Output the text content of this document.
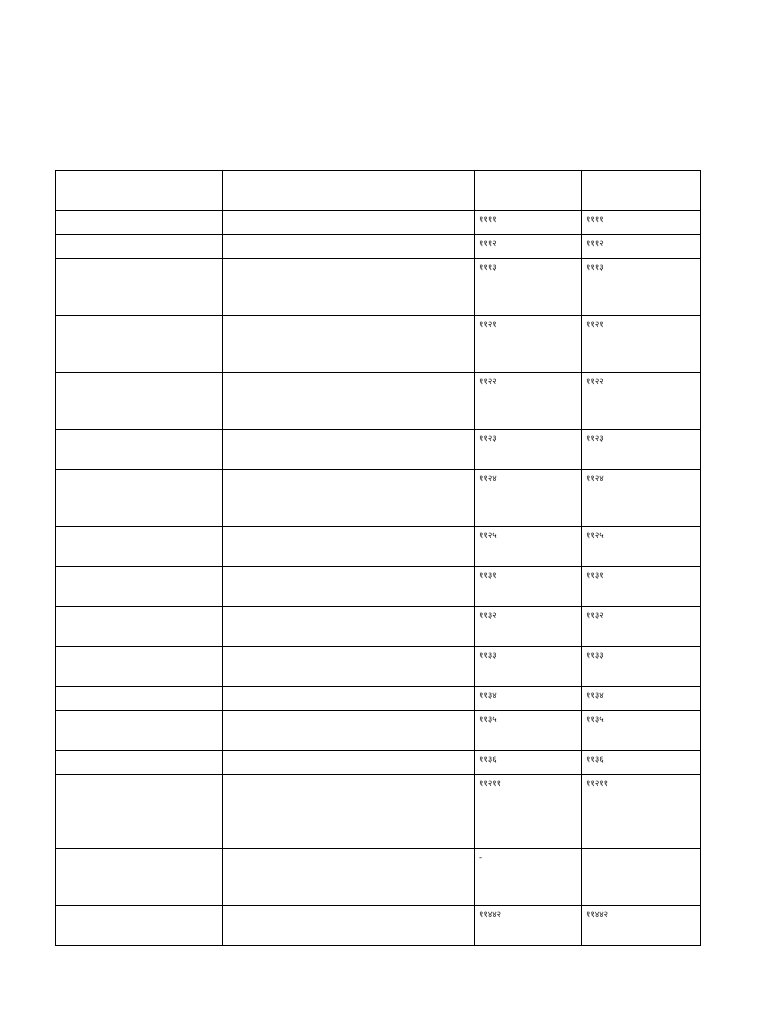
		११११	११११
		१११२	१११२
		१११३	१११३
		११२१	११२१
		११२२	११२२
		११२३	११२३
		११२४	११२४
		११२५	११२५
		११३१	११३१
		११३२	११३२
		११३३	११३३
		११३४	११३४
		११३५	११३५
		११३६	११३६
		११२११	११२११
		-	
		११४४२	११४४२
